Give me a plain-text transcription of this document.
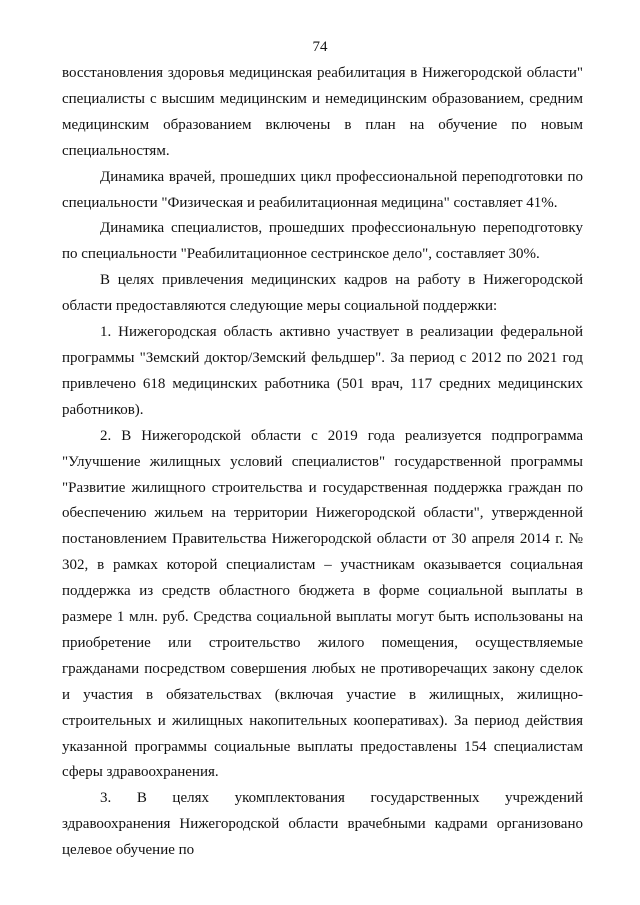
74

восстановления здоровья медицинская реабилитация в Нижегородской области" специалисты с высшим медицинским и немедицинским образованием, средним медицинским образованием включены в план на обучение по новым специальностям.

Динамика врачей, прошедших цикл профессиональной переподготовки по специальности "Физическая и реабилитационная медицина" составляет 41%.

Динамика специалистов, прошедших профессиональную переподготовку по специальности "Реабилитационное сестринское дело", составляет 30%.

В целях привлечения медицинских кадров на работу в Нижегородской области предоставляются следующие меры социальной поддержки:

1. Нижегородская область активно участвует в реализации федеральной программы "Земский доктор/Земский фельдшер". За период с 2012 по 2021 год привлечено 618 медицинских работника (501 врач, 117 средних медицинских работников).

2. В Нижегородской области с 2019 года реализуется подпрограмма "Улучшение жилищных условий специалистов" государственной программы "Развитие жилищного строительства и государственная поддержка граждан по обеспечению жильем на территории Нижегородской области", утвержденной постановлением Правительства Нижегородской области от 30 апреля 2014 г. № 302, в рамках которой специалистам – участникам оказывается социальная поддержка из средств областного бюджета в форме социальной выплаты в размере 1 млн. руб. Средства социальной выплаты могут быть использованы на приобретение или строительство жилого помещения, осуществляемые гражданами посредством совершения любых не противоречащих закону сделок и участия в обязательствах (включая участие в жилищных, жилищно-строительных и жилищных накопительных кооперативах). За период действия указанной программы социальные выплаты предоставлены 154 специалистам сферы здравоохранения.

3. В целях укомплектования государственных учреждений здравоохранения Нижегородской области врачебными кадрами организовано целевое обучение по
